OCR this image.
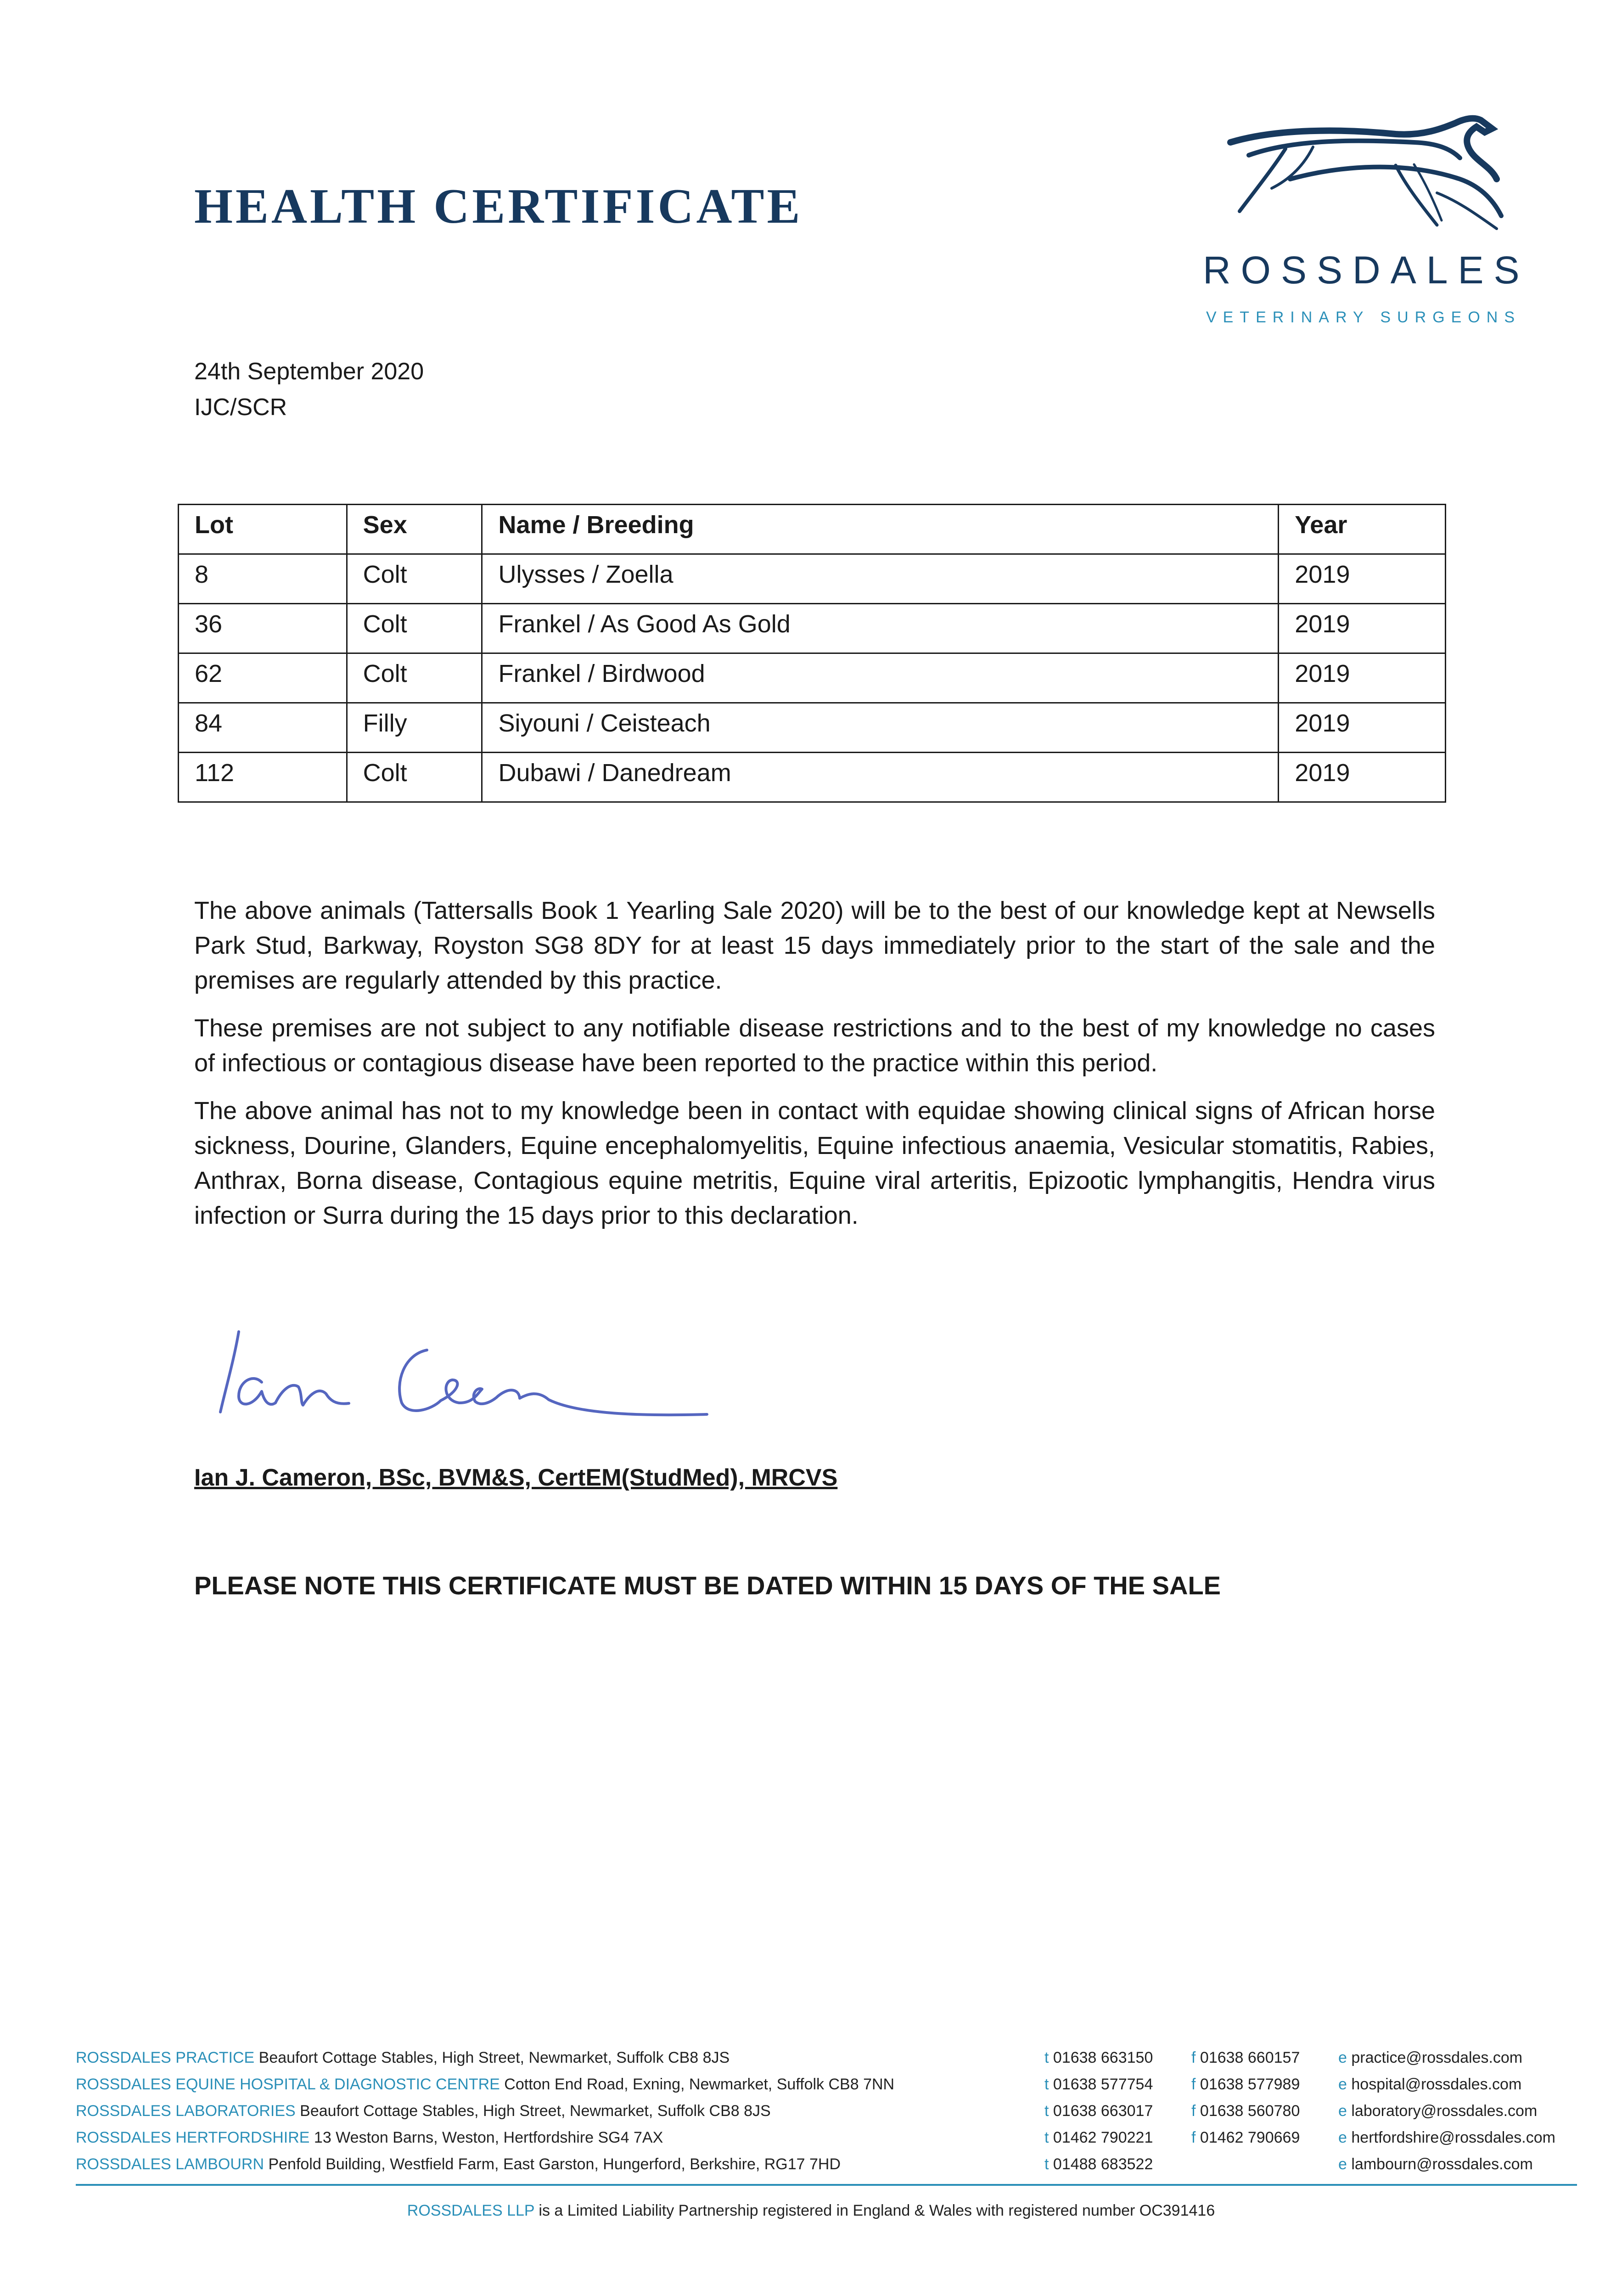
HEALTH CERTIFICATE
ROSSDALES
VETERINARY SURGEONS
24th September 2020
IJC/SCR
Lot	Sex	Name / Breeding	Year
8	Colt	Ulysses / Zoella	2019
36	Colt	Frankel / As Good As Gold	2019
62	Colt	Frankel / Birdwood	2019
84	Filly	Siyouni / Ceisteach	2019
112	Colt	Dubawi / Danedream	2019

The above animals (Tattersalls Book 1 Yearling Sale 2020) will be to the best of our knowledge kept at Newsells Park Stud, Barkway, Royston SG8 8DY for at least 15 days immediately prior to the start of the sale and the premises are regularly attended by this practice.

These premises are not subject to any notifiable disease restrictions and to the best of my knowledge no cases of infectious or contagious disease have been reported to the practice within this period.

The above animal has not to my knowledge been in contact with equidae showing clinical signs of African horse sickness, Dourine, Glanders, Equine encephalomyelitis, Equine infectious anaemia, Vesicular stomatitis, Rabies, Anthrax, Borna disease, Contagious equine metritis, Equine viral arteritis, Epizootic lymphangitis, Hendra virus infection or Surra during the 15 days prior to this declaration.

Ian J. Cameron, BSc, BVM&S, CertEM(StudMed), MRCVS
PLEASE NOTE THIS CERTIFICATE MUST BE DATED WITHIN 15 DAYS OF THE SALE
ROSSDALES PRACTICE Beaufort Cottage Stables, High Street, Newmarket, Suffolk CB8 8JS	t 01638 663150 f 01638 660157 e practice@rossdales.com
ROSSDALES EQUINE HOSPITAL & DIAGNOSTIC CENTRE Cotton End Road, Exning, Newmarket, Suffolk CB8 7NN	t 01638 577754 f 01638 577989 e hospital@rossdales.com
ROSSDALES LABORATORIES Beaufort Cottage Stables, High Street, Newmarket, Suffolk CB8 8JS	t 01638 663017 f 01638 560780 e laboratory@rossdales.com
ROSSDALES HERTFORDSHIRE 13 Weston Barns, Weston, Hertfordshire SG4 7AX	t 01462 790221 f 01462 790669 e hertfordshire@rossdales.com
ROSSDALES LAMBOURN Penfold Building, Westfield Farm, East Garston, Hungerford, Berkshire, RG17 7HD	t 01488 683522	e lambourn@rossdales.com
ROSSDALES LLP is a Limited Liability Partnership registered in England & Wales with registered number OC391416
